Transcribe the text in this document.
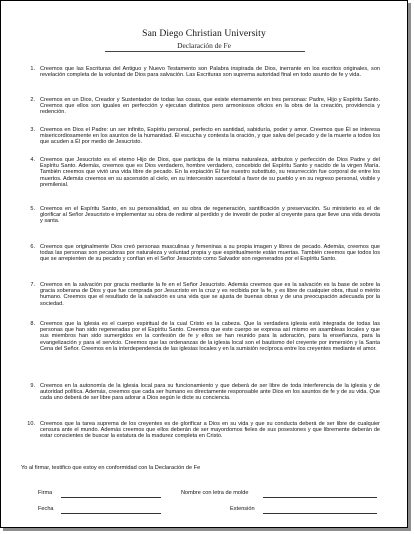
San Diego Christian University
Declaración de Fe
1. Creemos que las Escrituras del Antiguo y Nuevo Testamento son Palabra inspirada de Dios, inerrante en los escritos originales, son revelación completa de la voluntad de Dios para salvación. Las Escrituras son suprema autoridad final en todo asunto de fe y vida.
2. Creemos en un Dios, Creador y Sustentador de todas las cosas, que existe eternamente en tres personas: Padre, Hijo y Espíritu Santo. Creemos que ellos son iguales en perfección y ejecutan distintos pero armoniosos oficios en la obra de la creación, providencia y redención.
3. Creemos en Dios el Padre: un ser infinito, Espíritu personal, perfecto en santidad, sabiduría, poder y amor. Creemos que Él se interesa misericordiosamente en los asuntos de la humanidad. Él escucha y contesta la oración, y que salva del pecado y de la muerte a todos los que acuden a Él por medio de Jesucristo.
4. Creemos que Jesucristo es el eterno Hijo de Dios, que participa de la misma naturaleza, atributos y perfección de Dios Padre y del Espíritu Santo. Además, creemos que es Dios verdadero, hombre verdadero, concebido del Espíritu Santo y nacido de la virgen María. También creemos que vivió una vida libre de pecado. En la expiación Él fue nuestro substituto, su resurrección fue corporal de entre los muertos. Además creemos en su ascensión al cielo, en su intercesión sacerdotal a favor de su pueblo y en su regreso personal, visible y premilenial.
5. Creemos en el Espíritu Santo, en su personalidad, en su obra de regeneración, santificación y preservación. Su ministerio es el de glorificar al Señor Jesucristo e implementar su obra de redimir al perdido y de investir de poder al creyente para que lleve una vida devota y santa.
6. Creemos que originalmente Dios creó personas masculinas y femeninas a su propia imagen y libres de pecado. Además, creemos que todas las personas son pecadoras por naturaleza y voluntad propia y que espiritualmente están muertas. También creemos que todos los que se arrepienten de su pecado y confían en el Señor Jesucristo como Salvador son regenerados por el Espíritu Santo.
7. Creemos en la salvación por gracia mediante la fe en el Señor Jesucristo. Además creemos que es la salvación es la base de sobre la gracia soberana de Dios y que fue comprada por Jesucristo en la cruz y es recibida por la fe, y es libre de cualquier obra, ritual o mérito humano. Creemos que el resultado de la salvación es una vida que se ajusta de buenas obras y de una preocupación adecuada por la sociedad.
8. Creemos que la iglesia es el cuerpo espiritual de la cual Cristo es la cabeza. Que la verdadera iglesia está integrada de todas las personas que han sido regeneradas por el Espíritu Santo. Creemos que este cuerpo se expresa así mismo en asambleas locales y que sus miembros han sido sumergidos en la confesión de fe y ellos se han reunido para la adoración, para la enseñanza, para la evangelización y para el servicio. Creemos que las ordenanzas de la iglesia local son el bautismo del creyente por inmersión y la Santa Cena del Señor. Creemos en la interdependencia de las iglesias locales y en la sumisión recíproca entre los creyentes mediante el amor.
9. Creemos en la autonomía de la iglesia local para su funcionamiento y que deberá de ser libre de toda interferencia de la iglesia y de autoridad política. Además, creemos que cada ser humano es directamente responsable ante Dios en los asuntos de fe y de su vida. Que cada uno deberá de ser libre para adorar a Dios según le dicte su conciencia.
10. Creemos que la tarea suprema de los creyentes es de glorificar a Dios en su vida y que su conducta deberá de ser libre de cualquier censura ante el mundo. Además creemos que ellos deberán de ser mayordomos fieles de sus posesiones y que libremente deberán de estar conscientes de buscar la estatura de la madurez completa en Cristo.
Yo al firmar, testifico que estoy en conformidad con la Declaración de Fe
Firma	Nombre con letra de molde
Fecha	Extensión
